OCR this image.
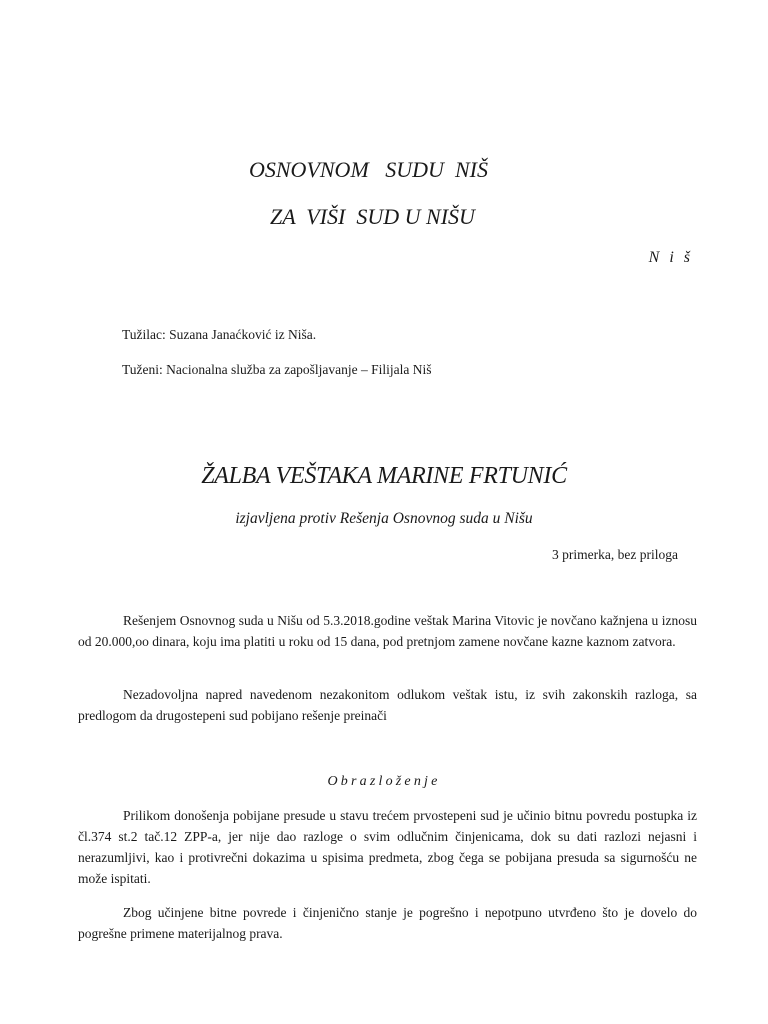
OSNOVNOM   SUDU  NIŠ
ZA  VIŠI  SUD U NIŠU
N i š
Tužilac: Suzana Janaćković iz Niša.
Tuženi: Nacionalna služba za zapošljavanje – Filijala Niš
ŽALBA VEŠTAKA MARINE FRTUNIĆ
izjavljena protiv Rešenja Osnovnog suda u Nišu
3 primerka, bez priloga

Rešenjem Osnovnog suda u Nišu od 5.3.2018.godine veštak Marina Vitovic je novčano kažnjena u iznosu od 20.000,oo dinara, koju ima platiti u roku od 15 dana, pod pretnjom zamene novčane kazne kaznom zatvora.

Nezadovoljna napred navedenom nezakonitom odlukom veštak istu, iz svih zakonskih razloga, sa predlogom da drugostepeni sud pobijano rešenje preinači

Obrazloženje

Prilikom donošenja pobijane presude u stavu trećem prvostepeni sud je učinio bitnu povredu postupka iz čl.374 st.2 tač.12 ZPP-a, jer nije dao razloge o svim odlučnim činjenicama, dok su dati razlozi nejasni i nerazumljivi, kao i protivrečni dokazima u spisima predmeta, zbog čega se pobijana presuda sa sigurnošću ne može ispitati.

Zbog učinjene bitne povrede i činjenično stanje je pogrešno i nepotpuno utvrđeno što je dovelo do pogrešne primene materijalnog prava.
